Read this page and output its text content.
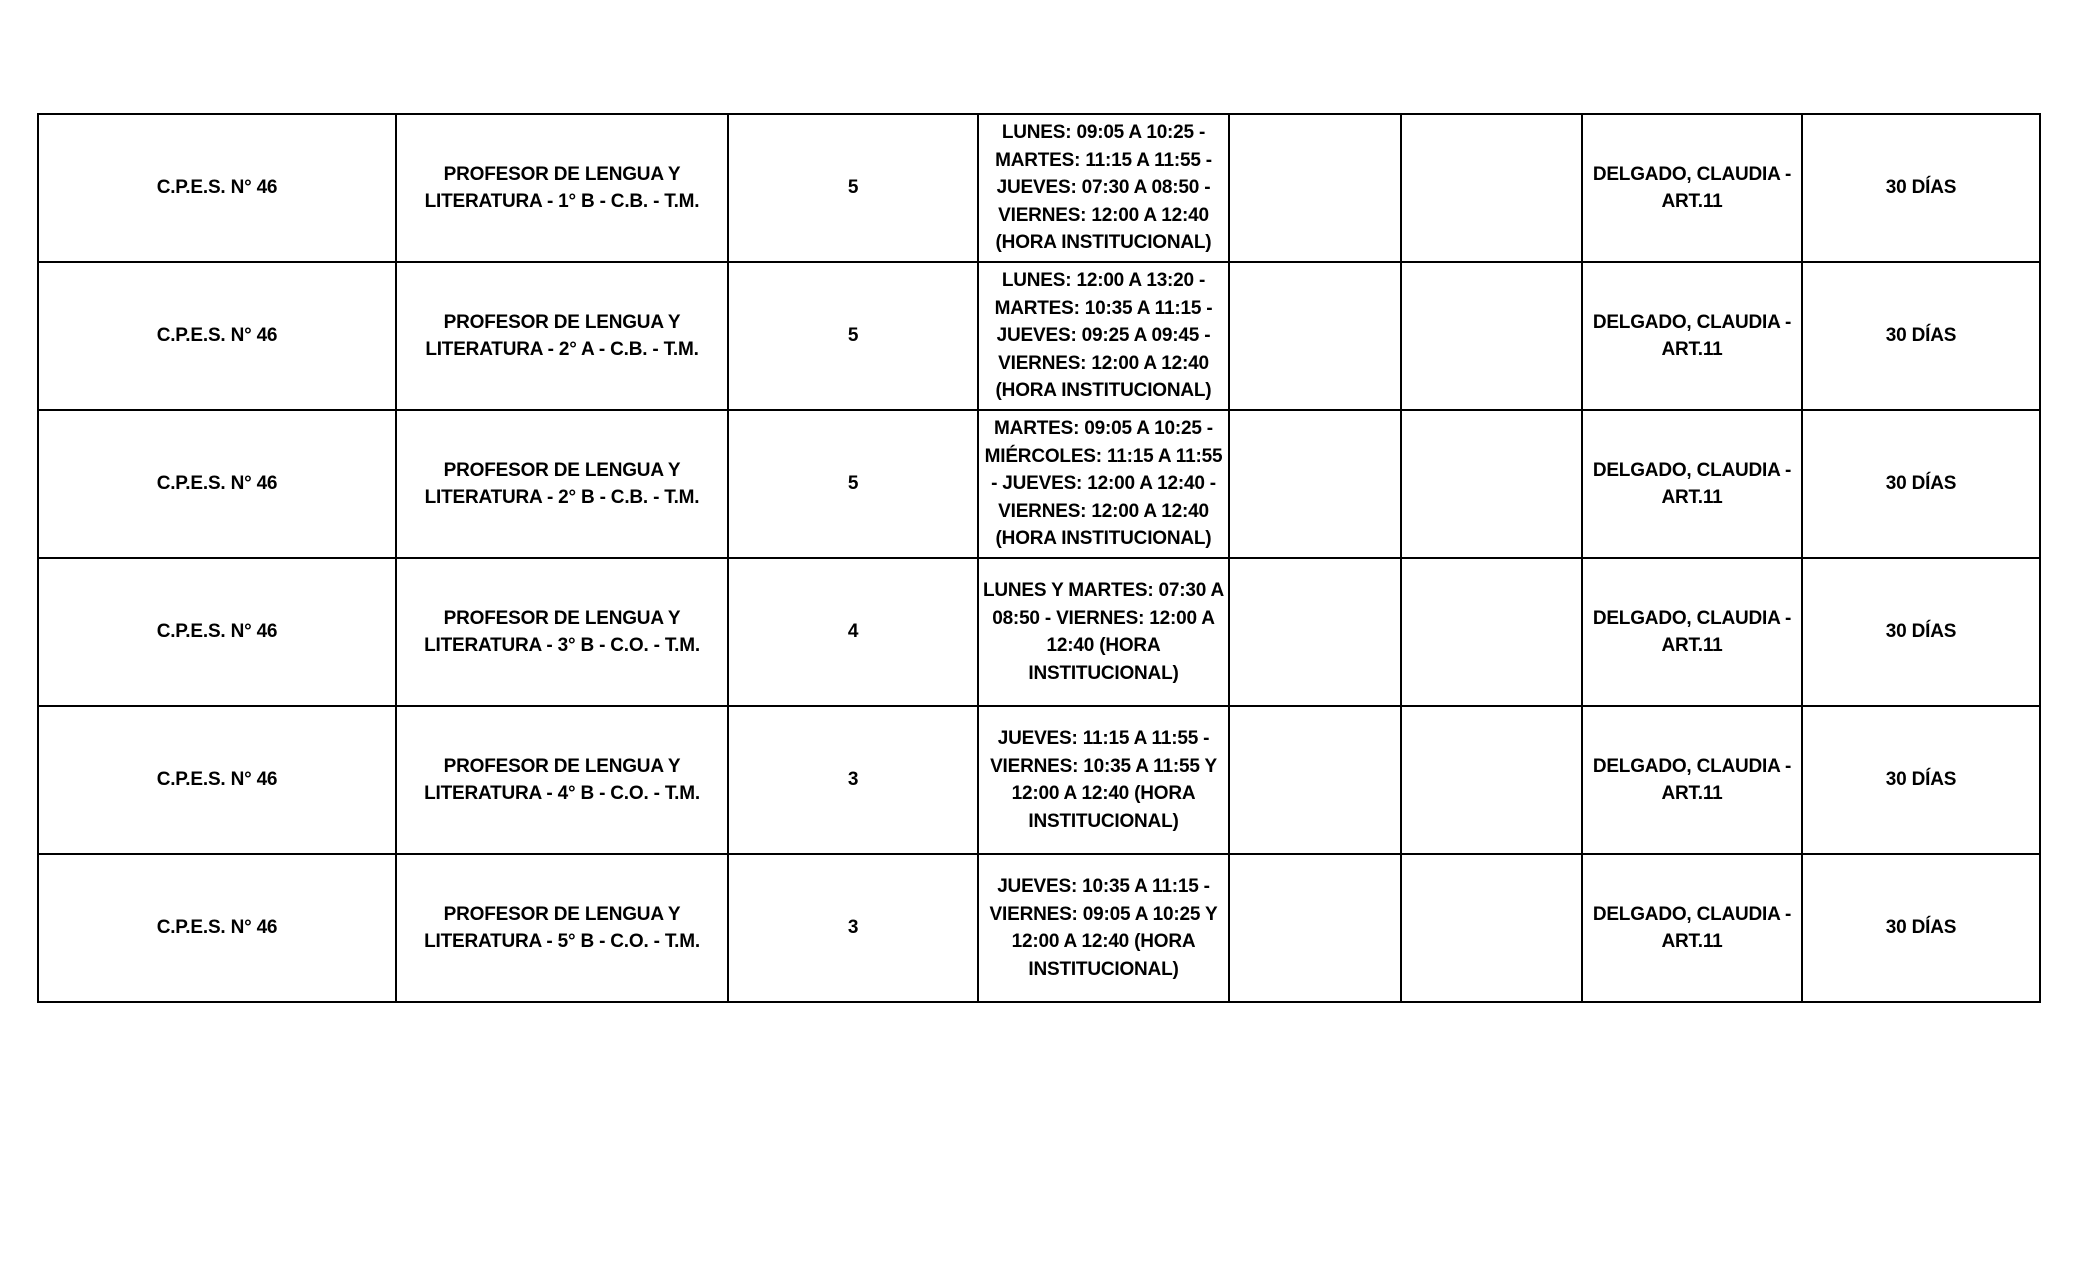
C.P.E.S. N° 46	PROFESOR DE LENGUA Y LITERATURA - 1° B - C.B. - T.M.	5	LUNES: 09:05 A 10:25 - MARTES: 11:15 A 11:55 - JUEVES: 07:30 A 08:50 - VIERNES: 12:00 A 12:40 (HORA INSTITUCIONAL)			DELGADO, CLAUDIA - ART.11	30 DÍAS
C.P.E.S. N° 46	PROFESOR DE LENGUA Y LITERATURA - 2° A - C.B. - T.M.	5	LUNES: 12:00 A 13:20 - MARTES: 10:35 A 11:15 - JUEVES: 09:25 A 09:45 - VIERNES: 12:00 A 12:40 (HORA INSTITUCIONAL)			DELGADO, CLAUDIA - ART.11	30 DÍAS
C.P.E.S. N° 46	PROFESOR DE LENGUA Y LITERATURA - 2° B - C.B. - T.M.	5	MARTES: 09:05 A 10:25 - MIÉRCOLES: 11:15 A 11:55 - JUEVES: 12:00 A 12:40 - VIERNES: 12:00 A 12:40 (HORA INSTITUCIONAL)			DELGADO, CLAUDIA - ART.11	30 DÍAS
C.P.E.S. N° 46	PROFESOR DE LENGUA Y LITERATURA - 3° B - C.O. - T.M.	4	LUNES Y MARTES: 07:30 A 08:50 - VIERNES: 12:00 A 12:40 (HORA INSTITUCIONAL)			DELGADO, CLAUDIA - ART.11	30 DÍAS
C.P.E.S. N° 46	PROFESOR DE LENGUA Y LITERATURA - 4° B - C.O. - T.M.	3	JUEVES: 11:15 A 11:55 - VIERNES: 10:35 A 11:55 Y 12:00 A 12:40 (HORA INSTITUCIONAL)			DELGADO, CLAUDIA - ART.11	30 DÍAS
C.P.E.S. N° 46	PROFESOR DE LENGUA Y LITERATURA - 5° B - C.O. - T.M.	3	JUEVES: 10:35 A 11:15 - VIERNES: 09:05 A 10:25 Y 12:00 A 12:40 (HORA INSTITUCIONAL)			DELGADO, CLAUDIA - ART.11	30 DÍAS
